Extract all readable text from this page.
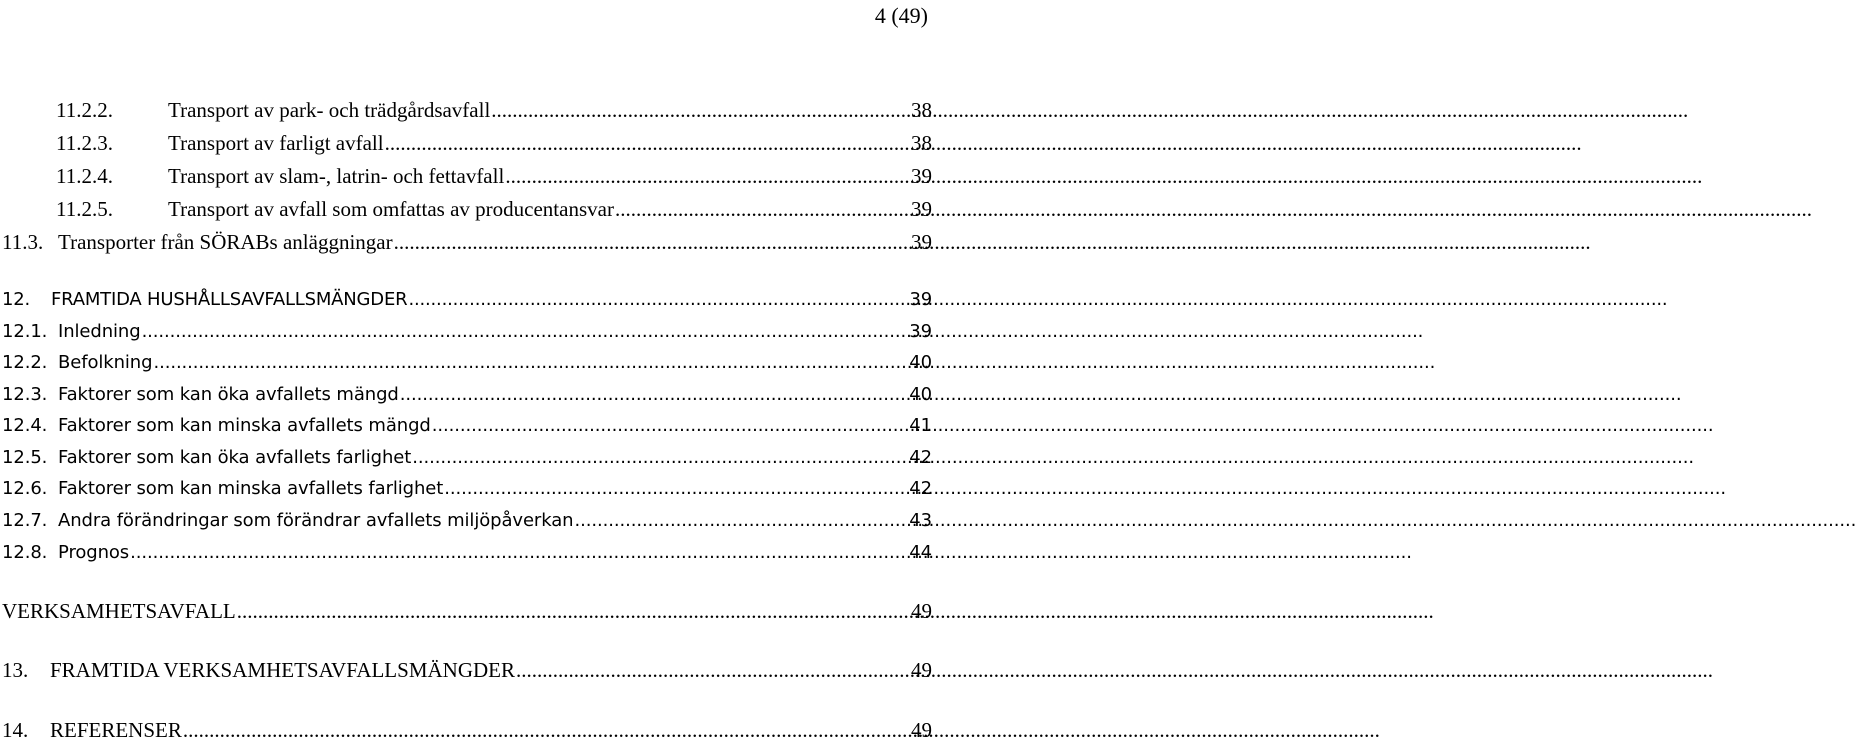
4 (49)
11.2.2.	Transport av park- och trädgårdsavfall .....	38
11.2.3.	Transport av farligt avfall .....	38
11.2.4.	Transport av slam-, latrin- och fettavfall .....	39
11.2.5.	Transport av avfall som omfattas av producentansvar .....	39
11.3. Transporter från SÖRABs anläggningar .....	39
12.	FRAMTIDA HUSHÅLLSAVFALLSMÄNGDER .....	39
12.1. Inledning .....	39
12.2. Befolkning .....	40
12.3. Faktorer som kan öka avfallets mängd .....	40
12.4. Faktorer som kan minska avfallets mängd .....	41
12.5. Faktorer som kan öka avfallets farlighet .....	42
12.6. Faktorer som kan minska avfallets farlighet .....	42
12.7. Andra förändringar som förändrar avfallets miljöpåverkan .....	43
12.8. Prognos .....	44
VERKSAMHETSAVFALL .....	49
13.	FRAMTIDA VERKSAMHETSAVFALLSMÄNGDER .....	49
14.	REFERENSER .....	49
